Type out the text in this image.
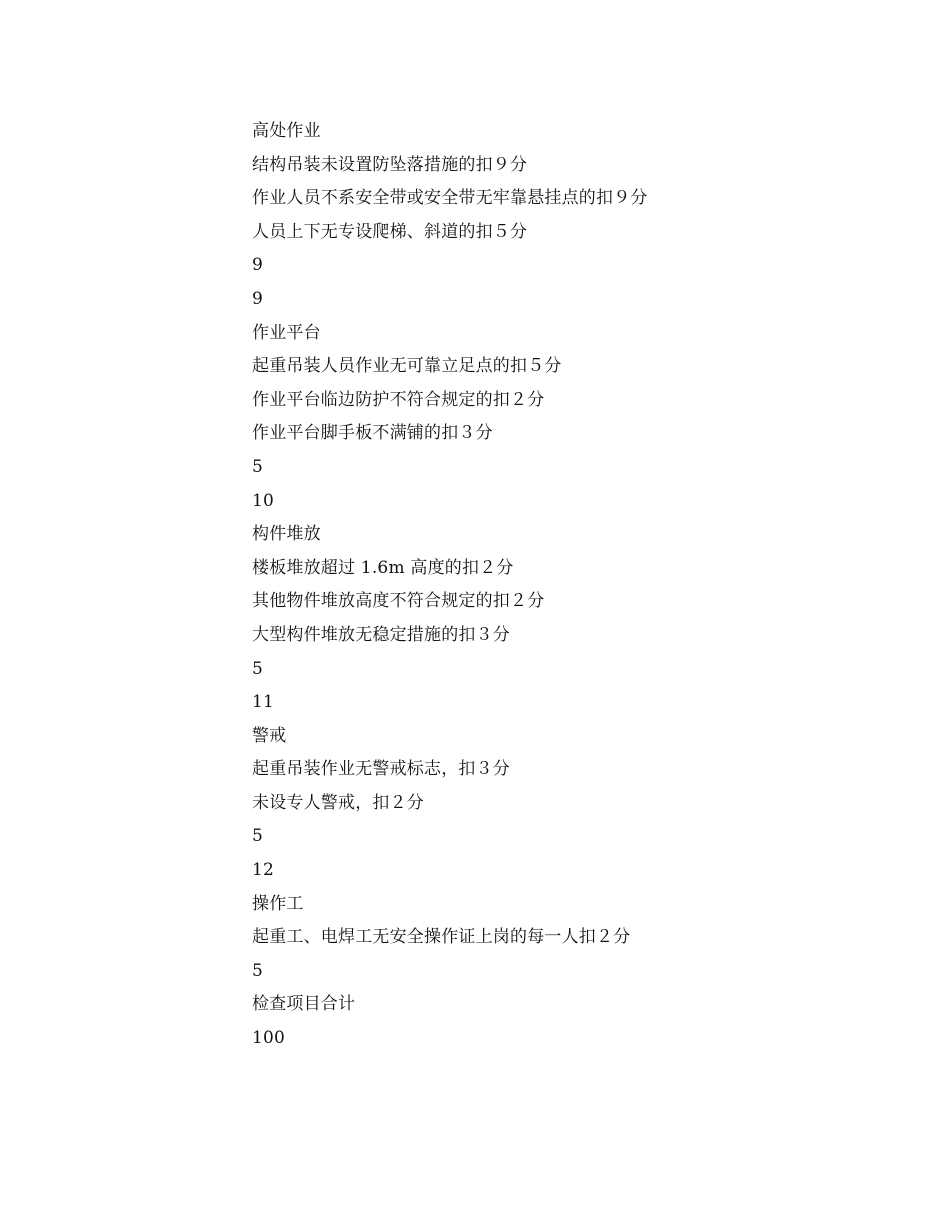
高处作业
结构吊装未设置防坠落措施的扣９分
作业人员不系安全带或安全带无牢靠悬挂点的扣９分
人员上下无专设爬梯、斜道的扣５分
9
9
作业平台
起重吊装人员作业无可靠立足点的扣５分
作业平台临边防护不符合规定的扣２分
作业平台脚手板不满铺的扣３分
5
10
构件堆放
楼板堆放超过 1.6m 高度的扣２分
其他物件堆放高度不符合规定的扣２分
大型构件堆放无稳定措施的扣３分
5
11
警戒
起重吊装作业无警戒标志，扣３分
未设专人警戒，扣２分
5
12
操作工
起重工、电焊工无安全操作证上岗的每一人扣２分
5
检查项目合计
100
